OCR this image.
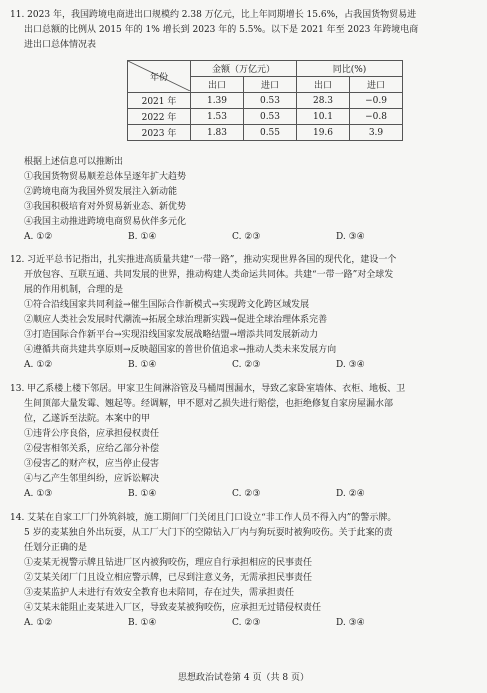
11. 2023 年，我国跨境电商进出口规模约 2.38 万亿元，比上年同期增长 15.6%，占我国货物贸易进

出口总额的比例从 2015 年的 1% 增长到 2023 年的 5.5%。以下是 2021 年至 2023 年跨境电商

进出口总体情况表

年份	金额（万亿元）		同比(%)	
	出口	进口	出口	进口
2021 年	1.39	0.53	28.3	−0.9
2022 年	1.53	0.53	10.1	−0.8
2023 年	1.83	0.55	19.6	3.9

根据上述信息可以推断出

①我国货物贸易顺差总体呈逐年扩大趋势

②跨境电商为我国外贸发展注入新动能

③我国积极培育对外贸易新业态、新优势

④我国主动推进跨境电商贸易伙伴多元化

A. ①②	B. ①④	C. ②③	D. ③④

12. 习近平总书记指出，扎实推进高质量共建“一带一路”，推动实现世界各国的现代化，建设一个

开放包容、互联互通、共同发展的世界，推动构建人类命运共同体。共建“一带一路”对全球发

展的作用机制，合理的是

①符合沿线国家共同利益→催生国际合作新模式→实现跨文化跨区域发展

②顺应人类社会发展时代潮流→拓展全球治理新实践→促进全球治理体系完善

③打造国际合作新平台→实现沿线国家发展战略结盟→增添共同发展新动力

④遵循共商共建共享原则→反映超国家的普世价值追求→推动人类未来发展方向

A. ①②	B. ①④	C. ②③	D. ③④

13. 甲乙系楼上楼下邻居。甲家卫生间淋浴管及马桶周围漏水，导致乙家卧室墙体、衣柜、地板、卫

生间顶部大量发霉、翘起等。经调解，甲不愿对乙损失进行赔偿，也拒绝修复自家房屋漏水部

位，乙遂诉至法院。本案中的甲

①违背公序良俗，应承担侵权责任

②侵害相邻关系，应给乙部分补偿

③侵害乙的财产权，应当停止侵害

④与乙产生邻里纠纷，应诉讼解决

A. ①③	B. ①④	C. ②③	D. ②④

14. 艾某在自家工厂门外筑斜坡，施工期间厂门关闭且门口设立“非工作人员不得入内”的警示牌。

5 岁的麦某独自外出玩耍，从工厂大门下的空隙钻入厂内与狗玩耍时被狗咬伤。关于此案的责

任划分正确的是

①麦某无视警示牌且钻进厂区内被狗咬伤，理应自行承担相应的民事责任

②艾某关闭厂门且设立相应警示牌，已尽到注意义务，无需承担民事责任

③麦某监护人未进行有效安全教育也未陪同，存在过失，需承担责任

④艾某未能阻止麦某进入厂区，导致麦某被狗咬伤，应承担无过错侵权责任

A. ①②	B. ①④	C. ②③	D. ③④
思想政治试卷第 4 页（共 8 页）
